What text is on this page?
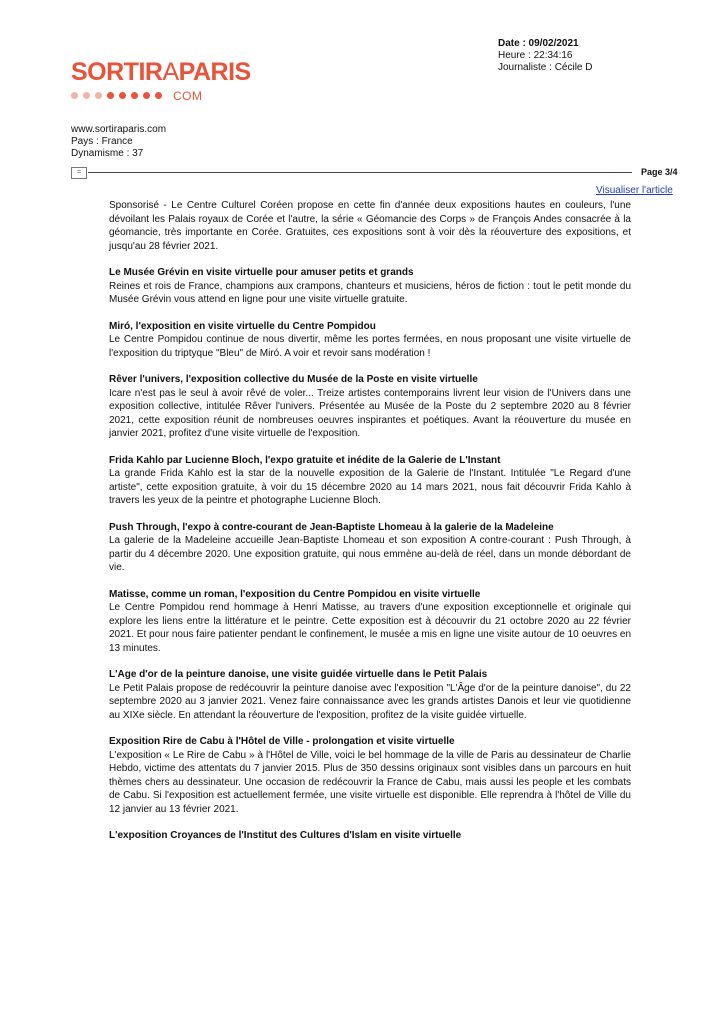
SORTIRAPARIS
COM
Date : 09/02/2021
Heure : 22:34:16
Journaliste : Cécile D
www.sortiraparis.com
Pays : France
Dynamisme : 37
=	Page 3/4
Visualiser l'article

Sponsorisé - Le Centre Culturel Coréen propose en cette fin d'année deux expositions hautes en couleurs, l'une dévoilant les Palais royaux de Corée et l'autre, la série « Géomancie des Corps » de François Andes consacrée à la géomancie, très importante en Corée. Gratuites, ces expositions sont à voir dès la réouverture des expositions, et jusqu'au 28 février 2021.

Le Musée Grévin en visite virtuelle pour amuser petits et grands

Reines et rois de France, champions aux crampons, chanteurs et musiciens, héros de fiction : tout le petit monde du Musée Grévin vous attend en ligne pour une visite virtuelle gratuite.

Miró, l'exposition en visite virtuelle du Centre Pompidou

Le Centre Pompidou continue de nous divertir, même les portes fermées, en nous proposant une visite virtuelle de l'exposition du triptyque "Bleu" de Miró. A voir et revoir sans modération !

Rêver l'univers, l'exposition collective du Musée de la Poste en visite virtuelle

Icare n'est pas le seul à avoir rêvé de voler... Treize artistes contemporains livrent leur vision de l'Univers dans une exposition collective, intitulée Rêver l'univers. Présentée au Musée de la Poste du 2 septembre 2020 au 8 février 2021, cette exposition réunit de nombreuses oeuvres inspirantes et poétiques. Avant la réouverture du musée en janvier 2021, profitez d'une visite virtuelle de l'exposition.

Frida Kahlo par Lucienne Bloch, l'expo gratuite et inédite de la Galerie de L'Instant

La grande Frida Kahlo est la star de la nouvelle exposition de la Galerie de l'Instant. Intitulée "Le Regard d'une artiste", cette exposition gratuite, à voir du 15 décembre 2020 au 14 mars 2021, nous fait découvrir Frida Kahlo à travers les yeux de la peintre et photographe Lucienne Bloch.

Push Through, l'expo à contre-courant de Jean-Baptiste Lhomeau à la galerie de la Madeleine

La galerie de la Madeleine accueille Jean-Baptiste Lhomeau et son exposition A contre-courant : Push Through, à partir du 4 décembre 2020. Une exposition gratuite, qui nous emmène au-delà de réel, dans un monde débordant de vie.

Matisse, comme un roman, l'exposition du Centre Pompidou en visite virtuelle

Le Centre Pompidou rend hommage à Henri Matisse, au travers d'une exposition exceptionnelle et originale qui explore les liens entre la littérature et le peintre. Cette exposition est à découvrir du 21 octobre 2020 au 22 février 2021. Et pour nous faire patienter pendant le confinement, le musée a mis en ligne une visite autour de 10 oeuvres en 13 minutes.

L'Age d'or de la peinture danoise, une visite guidée virtuelle dans le Petit Palais

Le Petit Palais propose de redécouvrir la peinture danoise avec l'exposition "L'Âge d'or de la peinture danoise", du 22 septembre 2020 au 3 janvier 2021. Venez faire connaissance avec les grands artistes Danois et leur vie quotidienne au XIXe siècle. En attendant la réouverture de l'exposition, profitez de la visite guidée virtuelle.

Exposition Rire de Cabu à l'Hôtel de Ville - prolongation et visite virtuelle

L'exposition « Le Rire de Cabu » à l'Hôtel de Ville, voici le bel hommage de la ville de Paris au dessinateur de Charlie Hebdo, victime des attentats du 7 janvier 2015. Plus de 350 dessins originaux sont visibles dans un parcours en huit thèmes chers au dessinateur. Une occasion de redécouvrir la France de Cabu, mais aussi les people et les combats de Cabu. Si l'exposition est actuellement fermée, une visite virtuelle est disponible. Elle reprendra à l'hôtel de Ville du 12 janvier au 13 février 2021.

L'exposition Croyances de l'Institut des Cultures d'Islam en visite virtuelle
